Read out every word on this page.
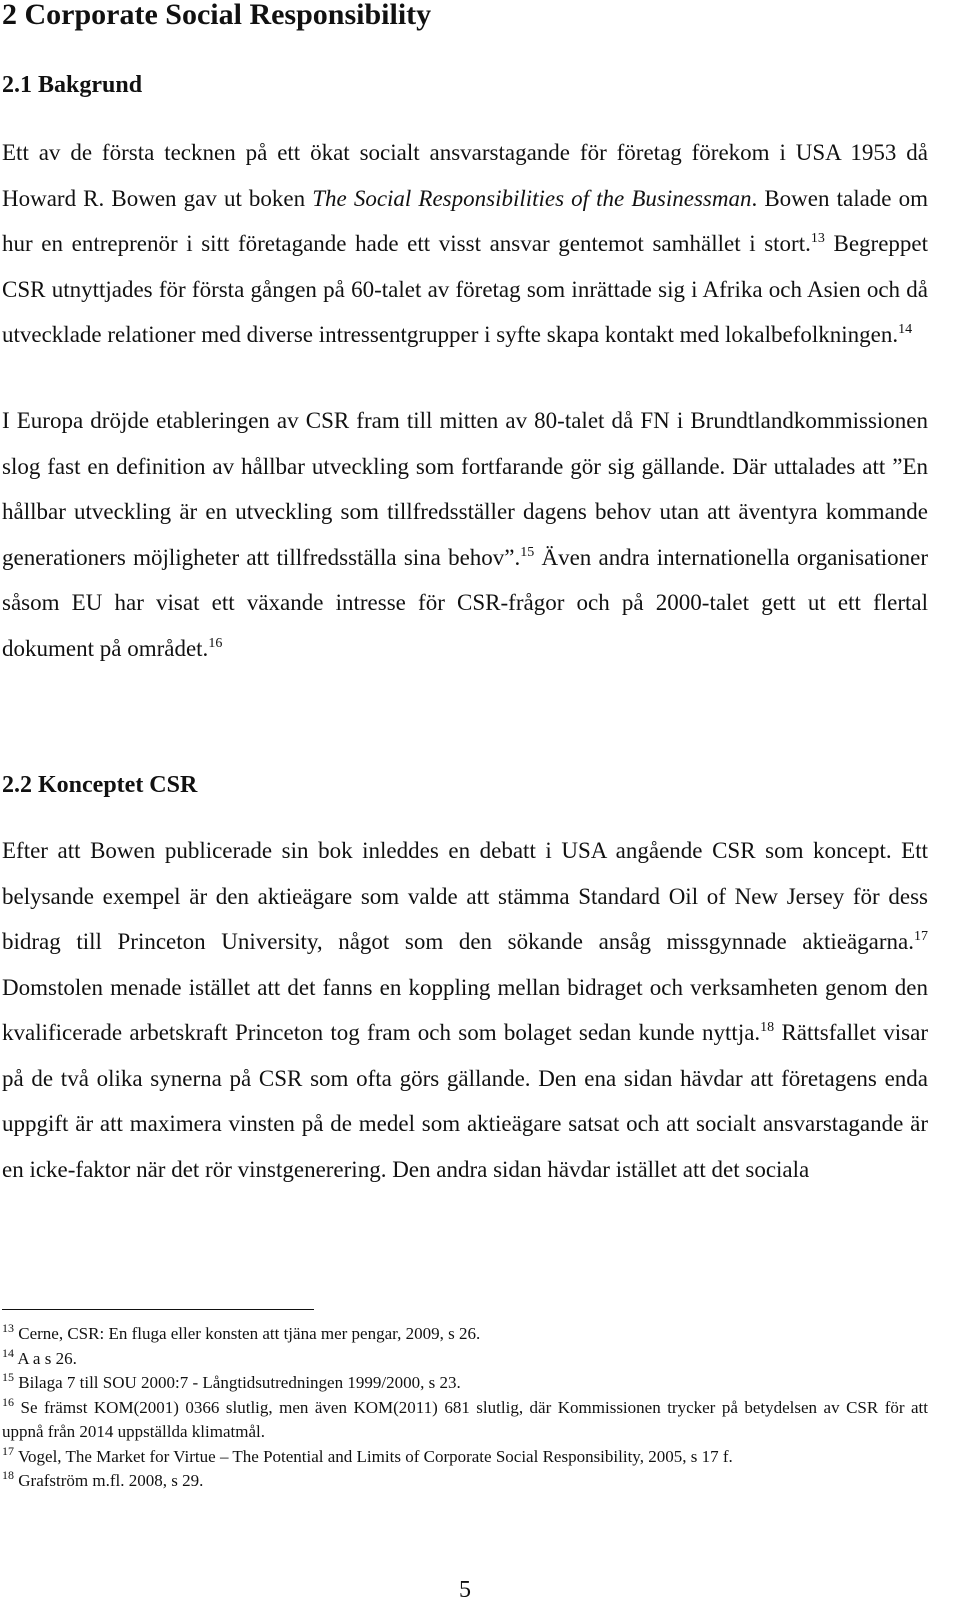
2 Corporate Social Responsibility
2.1 Bakgrund

Ett av de första tecknen på ett ökat socialt ansvarstagande för företag förekom i USA 1953 då Howard R. Bowen gav ut boken The Social Responsibilities of the Businessman. Bowen talade om hur en entreprenör i sitt företagande hade ett visst ansvar gentemot samhället i stort.$^{13}$ Begreppet CSR utnyttjades för första gången på 60-talet av företag som inrättade sig i Afrika och Asien och då utvecklade relationer med diverse intressentgrupper i syfte skapa kontakt med lokalbefolkningen.$^{14}$

I Europa dröjde etableringen av CSR fram till mitten av 80-talet då FN i Brundtlandkommissionen slog fast en definition av hållbar utveckling som fortfarande gör sig gällande. Där uttalades att ”En hållbar utveckling är en utveckling som tillfredsställer dagens behov utan att äventyra kommande generationers möjligheter att tillfredsställa sina behov”.$^{15}$ Även andra internationella organisationer såsom EU har visat ett växande intresse för CSR-frågor och på 2000-talet gett ut ett flertal dokument på området.$^{16}$

2.2 Konceptet CSR

Efter att Bowen publicerade sin bok inleddes en debatt i USA angående CSR som koncept. Ett belysande exempel är den aktieägare som valde att stämma Standard Oil of New Jersey för dess bidrag till Princeton University, något som den sökande ansåg missgynnade aktieägarna.$^{17}$ Domstolen menade istället att det fanns en koppling mellan bidraget och verksamheten genom den kvalificerade arbetskraft Princeton tog fram och som bolaget sedan kunde nyttja.$^{18}$ Rättsfallet visar på de två olika synerna på CSR som ofta görs gällande. Den ena sidan hävdar att företagens enda uppgift är att maximera vinsten på de medel som aktieägare satsat och att socialt ansvarstagande är en icke-faktor när det rör vinstgenerering. Den andra sidan hävdar istället att det sociala

$^{13}$ Cerne, CSR: En fluga eller konsten att tjäna mer pengar, 2009, s 26.

$^{14}$ A a s 26.

$^{15}$ Bilaga 7 till SOU 2000:7 - Långtidsutredningen 1999/2000, s 23.

$^{16}$ Se främst KOM(2001) 0366 slutlig, men även KOM(2011) 681 slutlig, där Kommissionen trycker på betydelsen av CSR för att uppnå från 2014 uppställda klimatmål.

$^{17}$ Vogel, The Market for Virtue – The Potential and Limits of Corporate Social Responsibility, 2005, s 17 f.

$^{18}$ Grafström m.fl. 2008, s 29.

5
